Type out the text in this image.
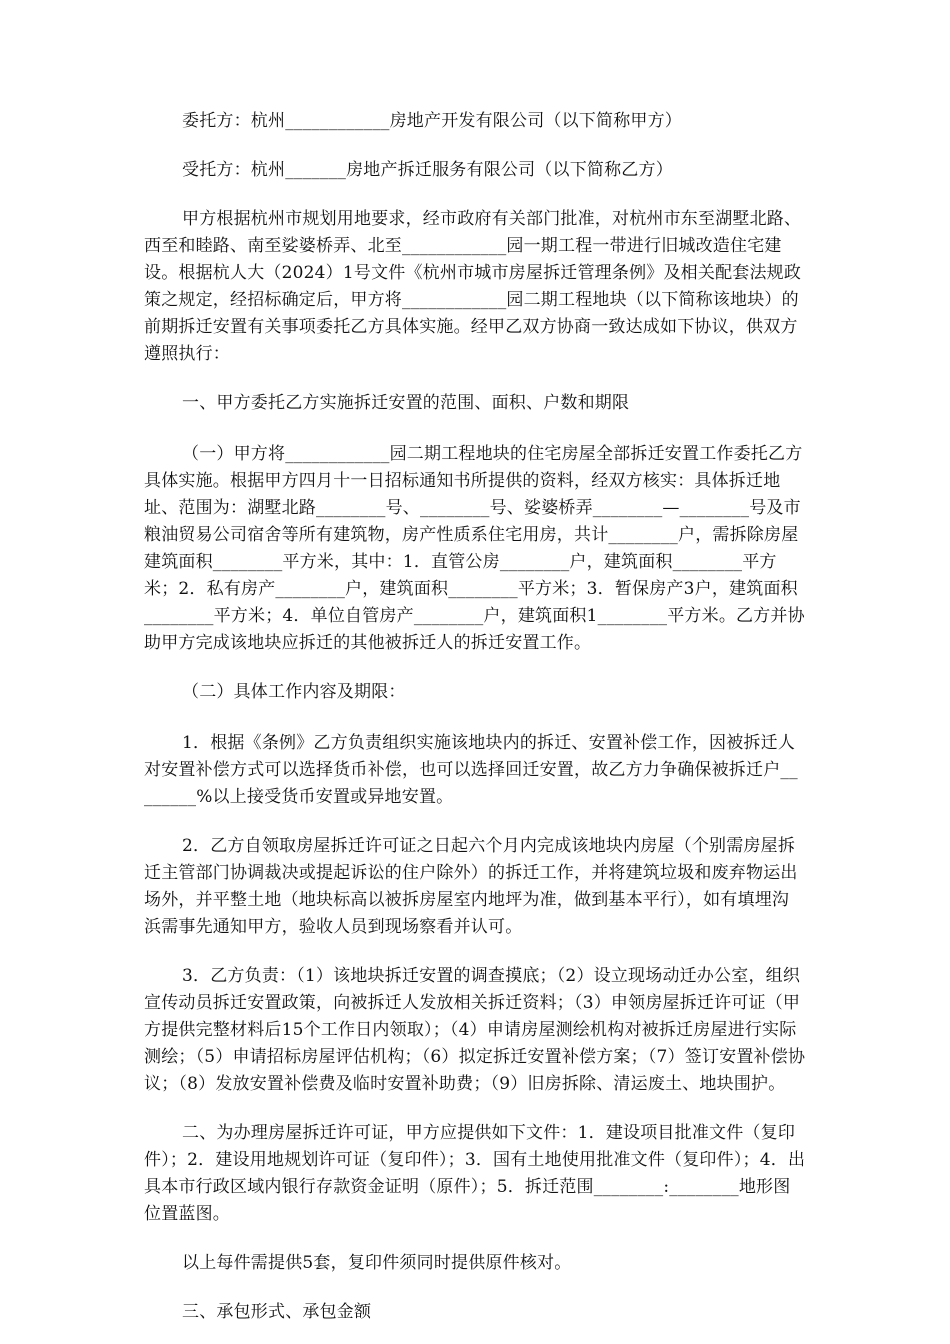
委托方：杭州____________房地产开发有限公司（以下简称甲方）

受托方：杭州_______房地产拆迁服务有限公司（以下简称乙方）

甲方根据杭州市规划用地要求，经市政府有关部门批准，对杭州市东至湖墅北路、西至和睦路、南至娑婆桥弄、北至____________园一期工程一带进行旧城改造住宅建设。根据杭人大（2024）1号文件《杭州市城市房屋拆迁管理条例》及相关配套法规政策之规定，经招标确定后，甲方将____________园二期工程地块（以下简称该地块）的前期拆迁安置有关事项委托乙方具体实施。经甲乙双方协商一致达成如下协议，供双方遵照执行：

一、甲方委托乙方实施拆迁安置的范围、面积、户数和期限

（一）甲方将____________园二期工程地块的住宅房屋全部拆迁安置工作委托乙方具体实施。根据甲方四月十一日招标通知书所提供的资料，经双方核实：具体拆迁地址、范围为：湖墅北路________号、________号、娑婆桥弄________—________号及市粮油贸易公司宿舍等所有建筑物，房产性质系住宅用房，共计________户，需拆除房屋建筑面积________平方米，其中：1．直管公房________户，建筑面积________平方米；2．私有房产________户，建筑面积________平方米；3．暂保房产3户，建筑面积________平方米；4．单位自管房产________户，建筑面积1________平方米。乙方并协助甲方完成该地块应拆迁的其他被拆迁人的拆迁安置工作。

（二）具体工作内容及期限：

1．根据《条例》乙方负责组织实施该地块内的拆迁、安置补偿工作，因被拆迁人对安置补偿方式可以选择货币补偿，也可以选择回迁安置，故乙方力争确保被拆迁户________%以上接受货币安置或异地安置。

2．乙方自领取房屋拆迁许可证之日起六个月内完成该地块内房屋（个别需房屋拆迁主管部门协调裁决或提起诉讼的住户除外）的拆迁工作，并将建筑垃圾和废弃物运出场外，并平整土地（地块标高以被拆房屋室内地坪为准，做到基本平行），如有填埋沟浜需事先通知甲方，验收人员到现场察看并认可。

3．乙方负责：（1）该地块拆迁安置的调查摸底；（2）设立现场动迁办公室，组织宣传动员拆迁安置政策，向被拆迁人发放相关拆迁资料；（3）申领房屋拆迁许可证（甲方提供完整材料后15个工作日内领取）；（4）申请房屋测绘机构对被拆迁房屋进行实际测绘；（5）申请招标房屋评估机构；（6）拟定拆迁安置补偿方案；（7）签订安置补偿协议；（8）发放安置补偿费及临时安置补助费；（9）旧房拆除、清运废土、地块围护。

二、为办理房屋拆迁许可证，甲方应提供如下文件：1．建设项目批准文件（复印件）；2．建设用地规划许可证（复印件）；3．国有土地使用批准文件（复印件）；4．出具本市行政区域内银行存款资金证明（原件）；5．拆迁范围________:________地形图位置蓝图。

以上每件需提供5套，复印件须同时提供原件核对。

三、承包形式、承包金额
